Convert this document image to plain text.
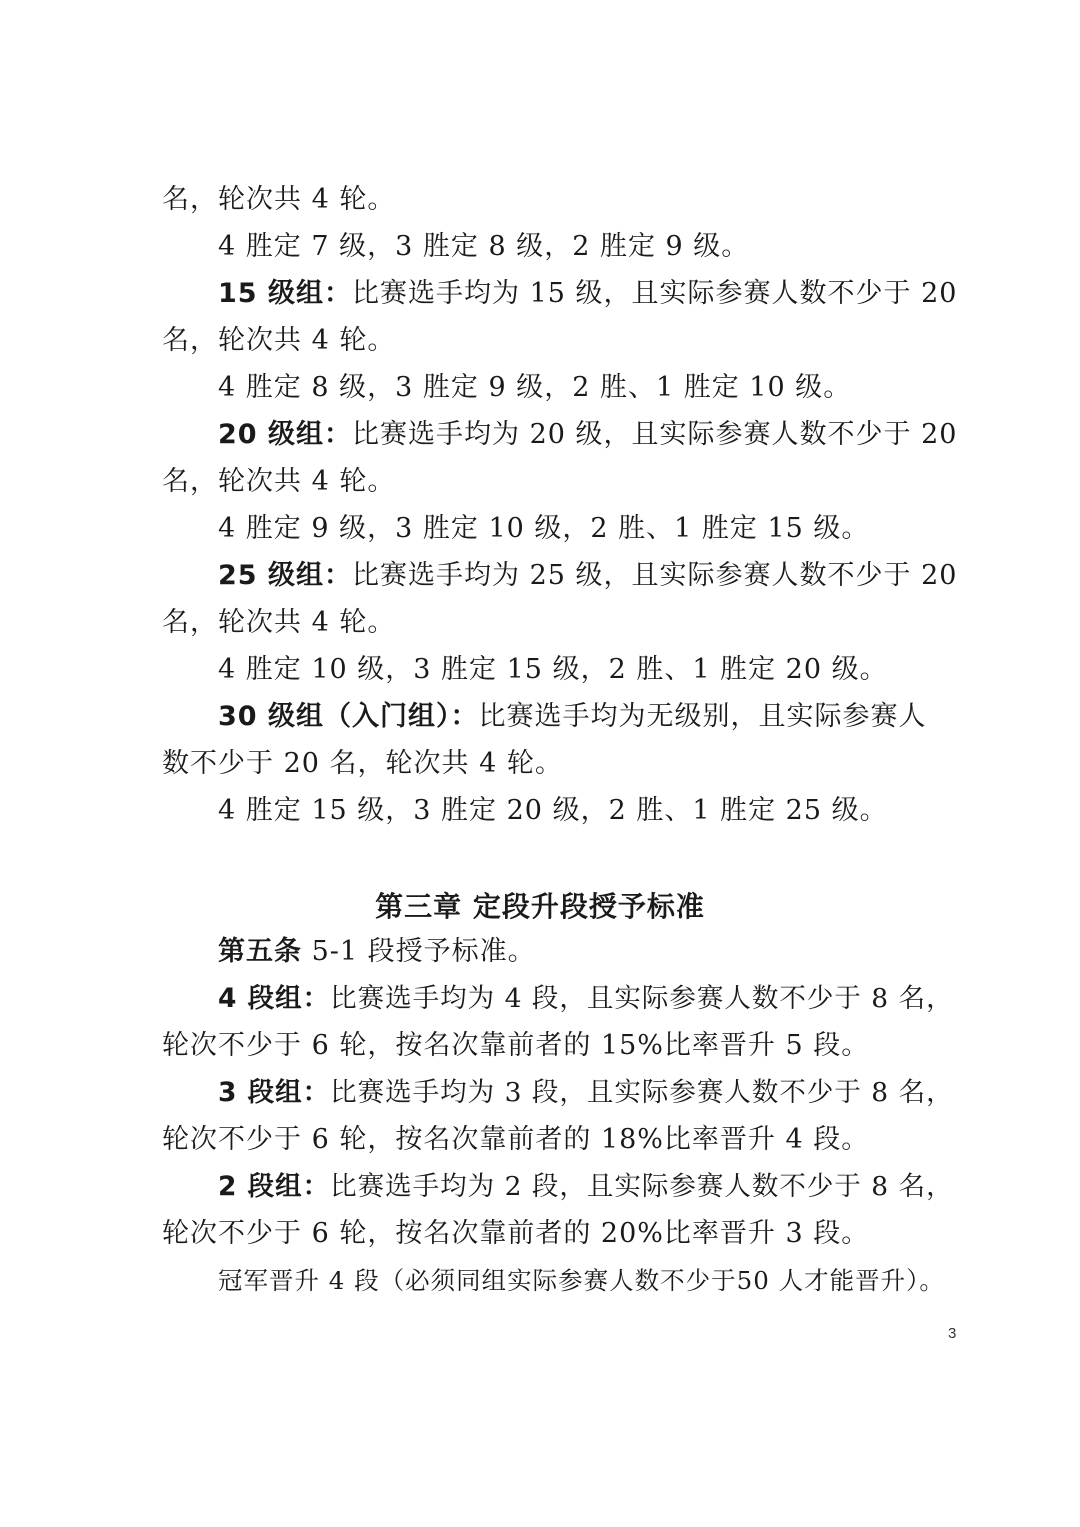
名，轮次共 4 轮。
4 胜定 7 级，3 胜定 8 级，2 胜定 9 级。
15 级组：比赛选手均为 15 级，且实际参赛人数不少于 20
名，轮次共 4 轮。
4 胜定 8 级，3 胜定 9 级，2 胜、1 胜定 10 级。
20 级组：比赛选手均为 20 级，且实际参赛人数不少于 20
名，轮次共 4 轮。
4 胜定 9 级，3 胜定 10 级，2 胜、1 胜定 15 级。
25 级组：比赛选手均为 25 级，且实际参赛人数不少于 20
名，轮次共 4 轮。
4 胜定 10 级，3 胜定 15 级，2 胜、1 胜定 20 级。
30 级组（入门组）：比赛选手均为无级别，且实际参赛人
数不少于 20 名，轮次共 4 轮。
4 胜定 15 级，3 胜定 20 级，2 胜、1 胜定 25 级。
第三章 定段升段授予标准
第五条 5-1 段授予标准。
4 段组：比赛选手均为 4 段，且实际参赛人数不少于 8 名，
轮次不少于 6 轮，按名次靠前者的 15%比率晋升 5 段。
3 段组：比赛选手均为 3 段，且实际参赛人数不少于 8 名，
轮次不少于 6 轮，按名次靠前者的 18%比率晋升 4 段。
2 段组：比赛选手均为 2 段，且实际参赛人数不少于 8 名，
轮次不少于 6 轮，按名次靠前者的 20%比率晋升 3 段。
冠军晋升 4 段（必须同组实际参赛人数不少于50 人才能晋升）。
3
